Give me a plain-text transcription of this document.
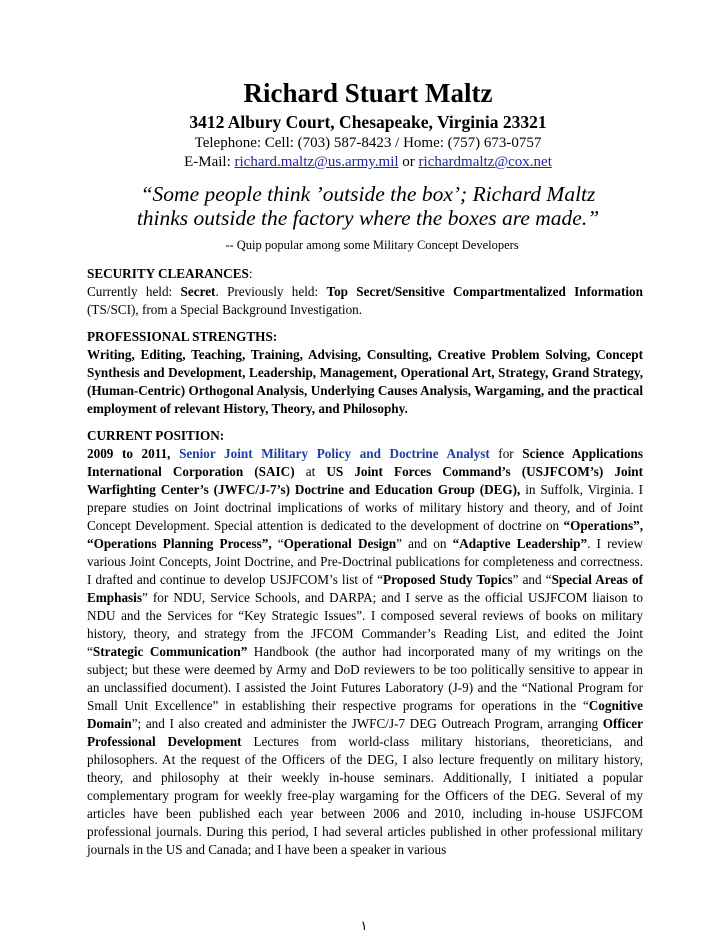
Richard Stuart Maltz
3412 Albury Court, Chesapeake, Virginia 23321
Telephone: Cell: (703) 587-8423 / Home: (757) 673-0757
E-Mail: richard.maltz@us.army.mil or richardmaltz@cox.net
“Some people think ’outside the box’; Richard Maltz
thinks outside the factory where the boxes are made.”
-- Quip popular among some Military Concept Developers
SECURITY CLEARANCES:
Currently held: Secret. Previously held: Top Secret/Sensitive Compartmentalized Information (TS/SCI), from a Special Background Investigation.
PROFESSIONAL STRENGTHS:
Writing, Editing, Teaching, Training, Advising, Consulting, Creative Problem Solving, Concept Synthesis and Development, Leadership, Management, Operational Art, Strategy, Grand Strategy, (Human-Centric) Orthogonal Analysis, Underlying Causes Analysis, Wargaming, and the practical employment of relevant History, Theory, and Philosophy.
CURRENT POSITION:
2009 to 2011, Senior Joint Military Policy and Doctrine Analyst for Science Applications International Corporation (SAIC) at US Joint Forces Command’s (USJFCOM’s) Joint Warfighting Center’s (JWFC/J-7’s) Doctrine and Education Group (DEG), in Suffolk, Virginia. I prepare studies on Joint doctrinal implications of works of military history and theory, and of Joint Concept Development. Special attention is dedicated to the development of doctrine on “Operations”, “Operations Planning Process”, “Operational Design” and on “Adaptive Leadership”. I review various Joint Concepts, Joint Doctrine, and Pre-Doctrinal publications for completeness and correctness. I drafted and continue to develop USJFCOM’s list of “Proposed Study Topics” and “Special Areas of Emphasis” for NDU, Service Schools, and DARPA; and I serve as the official USJFCOM liaison to NDU and the Services for “Key Strategic Issues”. I composed several reviews of books on military history, theory, and strategy from the JFCOM Commander’s Reading List, and edited the Joint “Strategic Communication” Handbook (the author had incorporated many of my writings on the subject; but these were deemed by Army and DoD reviewers to be too politically sensitive to appear in an unclassified document). I assisted the Joint Futures Laboratory (J-9) and the “National Program for Small Unit Excellence” in establishing their respective programs for operations in the “Cognitive Domain”; and I also created and administer the JWFC/J-7 DEG Outreach Program, arranging Officer Professional Development Lectures from world-class military historians, theoreticians, and philosophers. At the request of the Officers of the DEG, I also lecture frequently on military history, theory, and philosophy at their weekly in-house seminars. Additionally, I initiated a popular complementary program for weekly free-play wargaming for the Officers of the DEG. Several of my articles have been published each year between 2006 and 2010, including in-house USJFCOM professional journals. During this period, I had several articles published in other professional military journals in the US and Canada; and I have been a speaker in various
١
